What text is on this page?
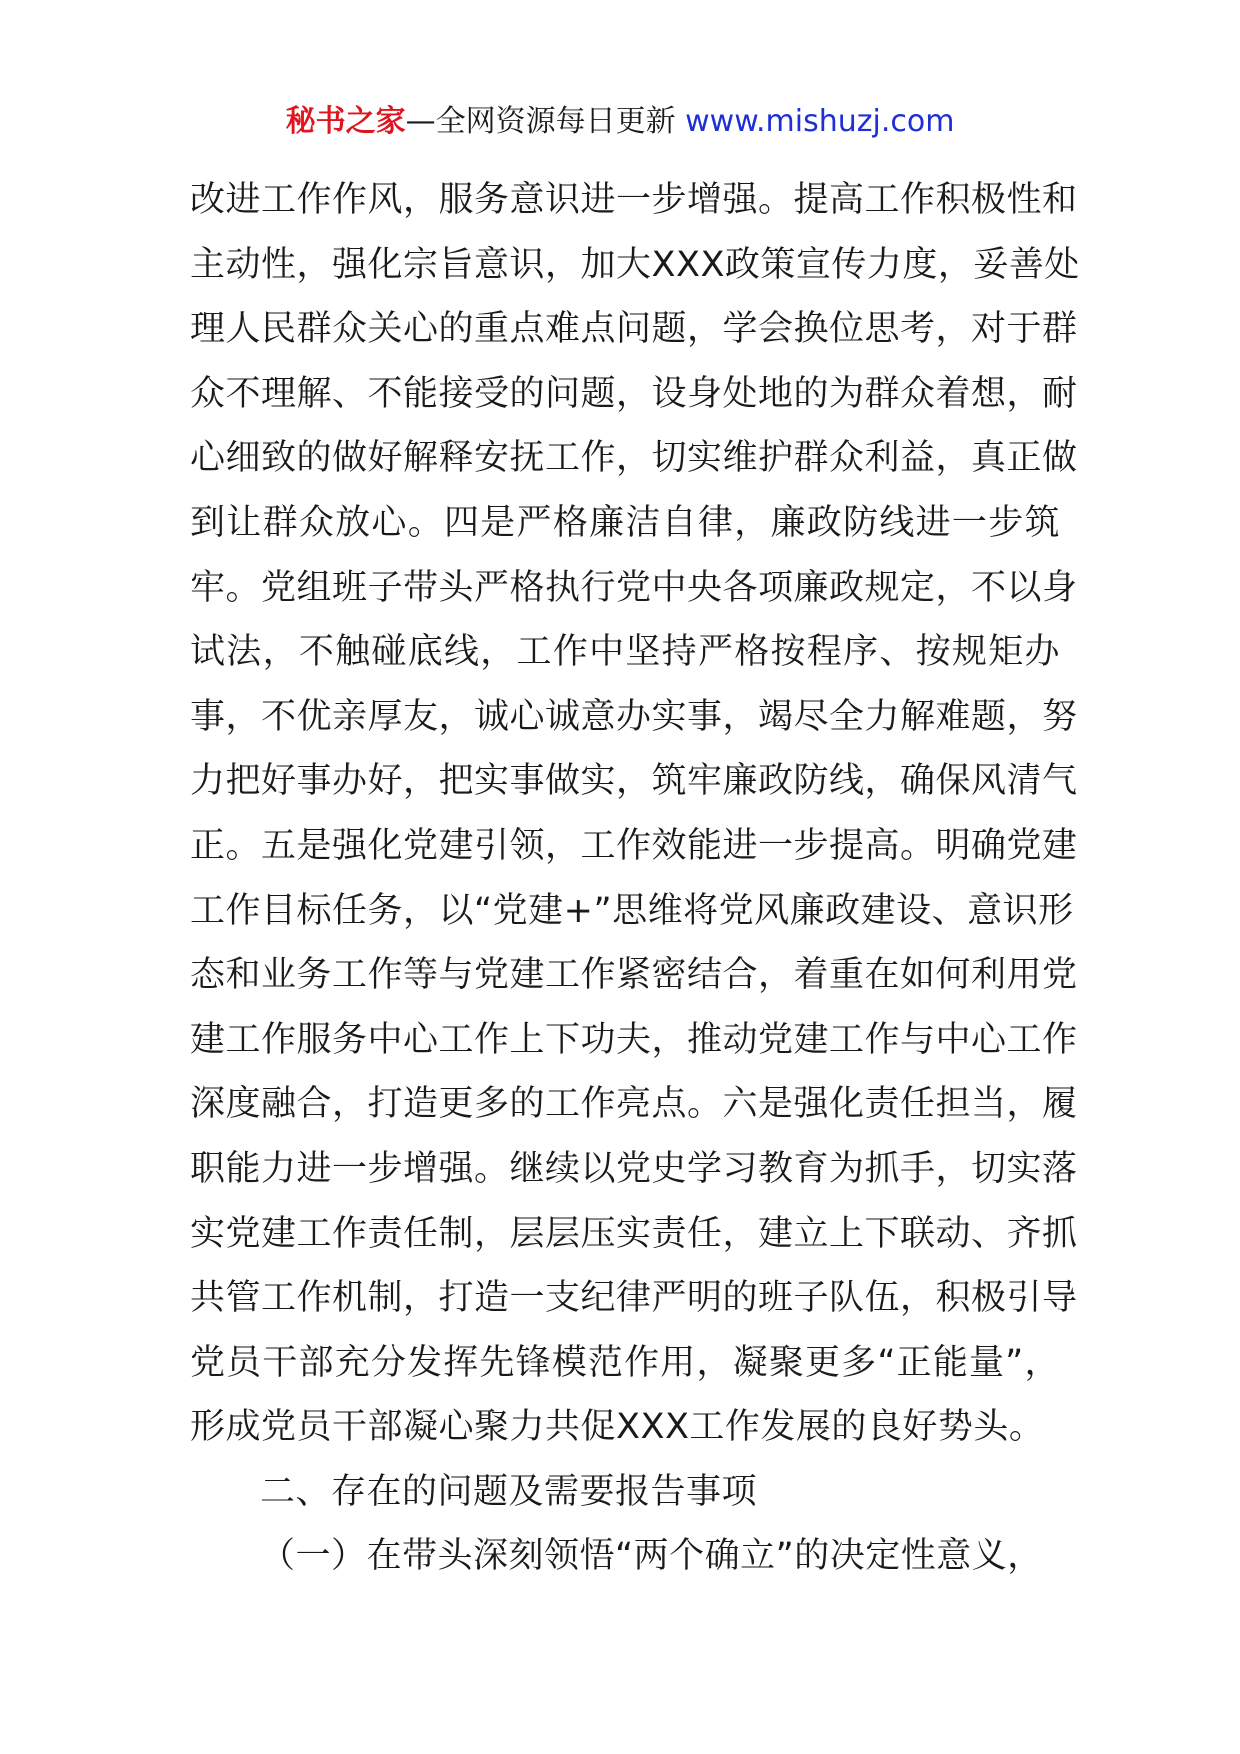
秘书之家—全网资源每日更新 www.mishuzj.com
改进工作作风，服务意识进一步增强。提高工作积极性和
主动性，强化宗旨意识，加大XXX政策宣传力度，妥善处
理人民群众关心的重点难点问题，学会换位思考，对于群
众不理解、不能接受的问题，设身处地的为群众着想，耐
心细致的做好解释安抚工作，切实维护群众利益，真正做
到让群众放心。四是严格廉洁自律，廉政防线进一步筑
牢。党组班子带头严格执行党中央各项廉政规定，不以身
试法，不触碰底线，工作中坚持严格按程序、按规矩办
事，不优亲厚友，诚心诚意办实事，竭尽全力解难题，努
力把好事办好，把实事做实，筑牢廉政防线，确保风清气
正。五是强化党建引领，工作效能进一步提高。明确党建
工作目标任务，以“党建+”思维将党风廉政建设、意识形
态和业务工作等与党建工作紧密结合，着重在如何利用党
建工作服务中心工作上下功夫，推动党建工作与中心工作
深度融合，打造更多的工作亮点。六是强化责任担当，履
职能力进一步增强。继续以党史学习教育为抓手，切实落
实党建工作责任制，层层压实责任，建立上下联动、齐抓
共管工作机制，打造一支纪律严明的班子队伍，积极引导
党员干部充分发挥先锋模范作用，凝聚更多“正能量”，
形成党员干部凝心聚力共促XXX工作发展的良好势头。
二、存在的问题及需要报告事项
（一）在带头深刻领悟“两个确立”的决定性意义，
